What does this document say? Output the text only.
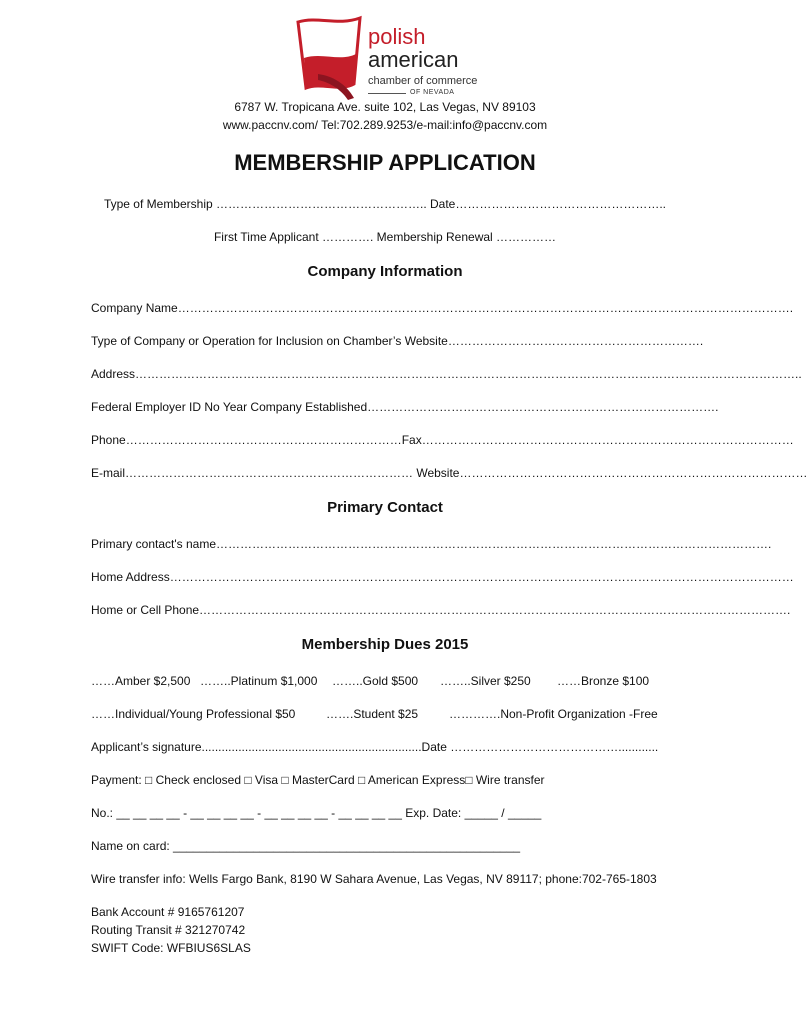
polish
american
chamber of commerce
OF NEVADA
6787 W. Tropicana Ave. suite 102, Las Vegas, NV 89103
www.paccnv.com/ Tel:702.289.9253/e-mail:info@paccnv.com
MEMBERSHIP APPLICATION
Type of Membership …………………………………………….. Date……………………………………………..
First Time Applicant …………. Membership Renewal ……………
Company Information
Company Name……………………………………………………………………………………………………………………………………….
Type of Company or Operation for Inclusion on Chamber’s Website……………………………………………………….
Address…………………………………………………………………………………………………………………………………………………..
Federal Employer ID No Year Company Established…………………………………………………………………………….
Phone……………………………………………………………Fax…………………………………………………………………………………
E-mail……………………………………………………………… Website……………………………………………………………………………
Primary Contact
Primary contact's name………………………………………………………………………………………………………………………….
Home Address…………………………………………………………………………………………………………………………………………
Home or Cell Phone………………………………………………………………………………………………………………………………….
Membership Dues 2015
……Amber $2,500 ……..Platinum $1,000 ……..Gold $500 ……..Silver $250 ……Bronze $100
……Individual/Young Professional $50	…….Student $25	………….Non-Profit Organization -Free
Applicant’s signature..................................................................Date ……………………………………............
Payment: □ Check enclosed □ Visa □ MasterCard □ American Express□ Wire transfer
No.: __ __ __ __ - __ __ __ __ - __ __ __ __ - __ __ __ __ Exp. Date: _____ / _____
Name on card: ____________________________________________________
Wire transfer info: Wells Fargo Bank, 8190 W Sahara Avenue, Las Vegas, NV 89117; phone:702-765-1803
Bank Account # 9165761207
Routing Transit # 321270742
SWIFT Code: WFBIUS6SLAS
